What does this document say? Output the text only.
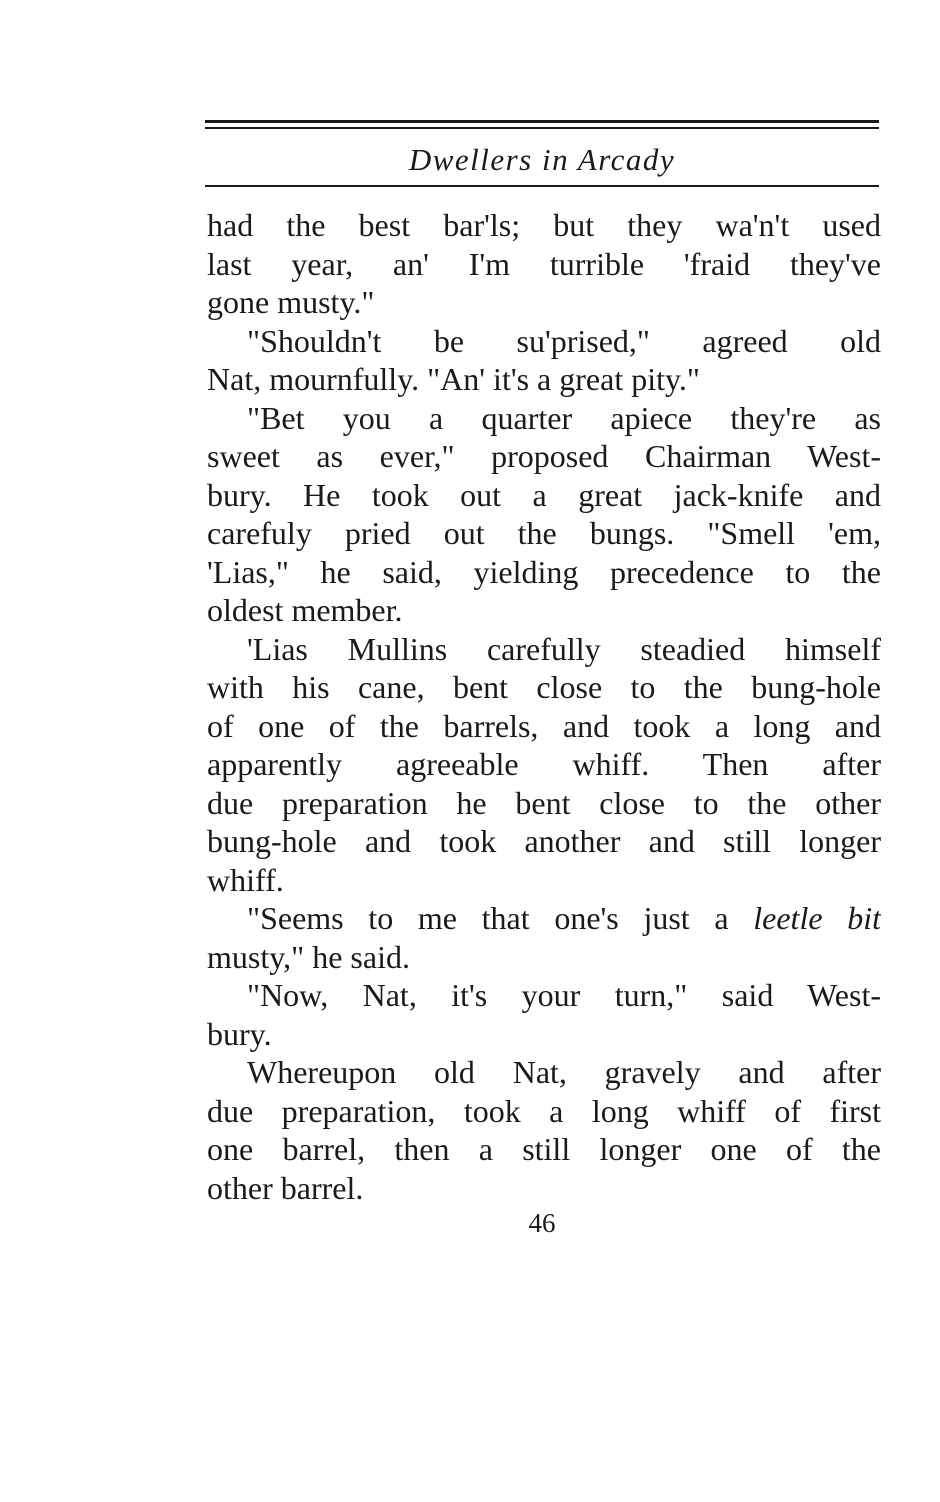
Dwellers in Arcady
had the best bar'ls; but they wa'n't used
last year, an' I'm turrible 'fraid they've
gone musty."
"Shouldn't be su'prised," agreed old
Nat, mournfully. "An' it's a great pity."
"Bet you a quarter apiece they're as
sweet as ever," proposed Chairman West-
bury. He took out a great jack-knife and
carefuly pried out the bungs. "Smell 'em,
'Lias," he said, yielding precedence to the
oldest member.
'Lias Mullins carefully steadied himself
with his cane, bent close to the bung-hole
of one of the barrels, and took a long and
apparently agreeable whiff. Then after
due preparation he bent close to the other
bung-hole and took another and still longer
whiff.
"Seems to me that one's just a leetle bit
musty," he said.
"Now, Nat, it's your turn," said West-
bury.
Whereupon old Nat, gravely and after
due preparation, took a long whiff of first
one barrel, then a still longer one of the
other barrel.
46
